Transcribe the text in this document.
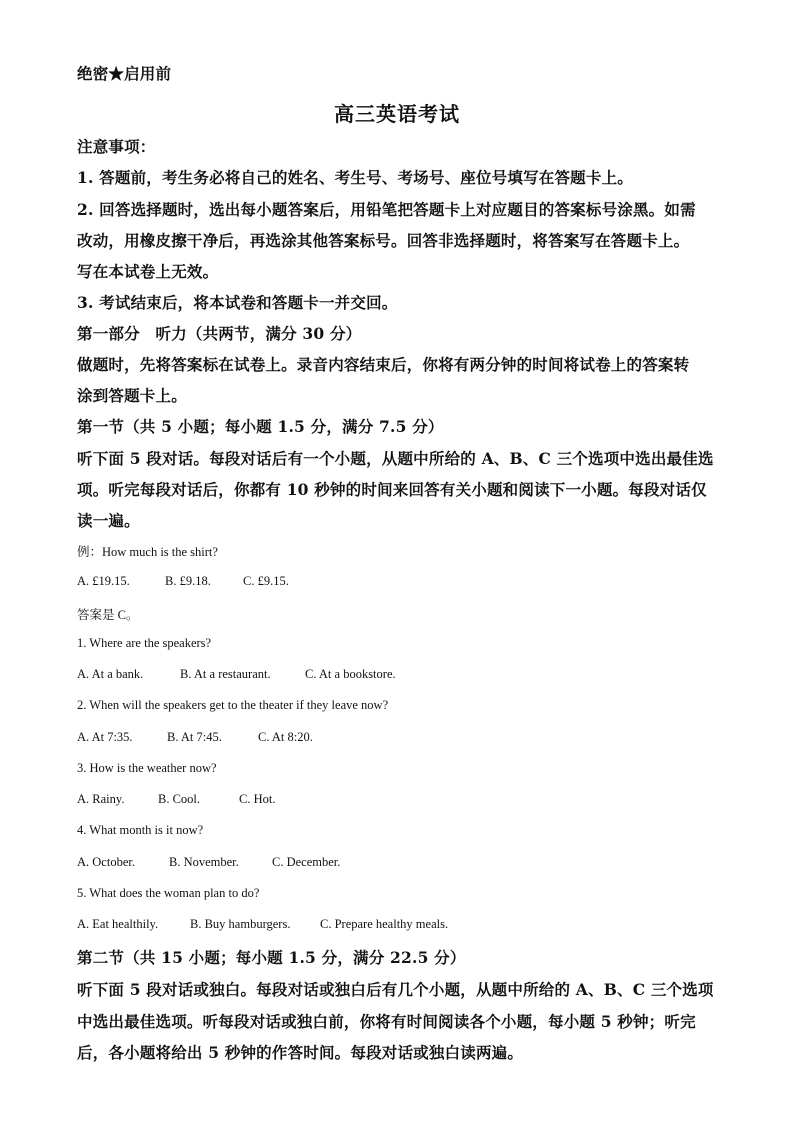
绝密★启用前
高三英语考试
注意事项：
1. 答题前，考生务必将自己的姓名、考生号、考场号、座位号填写在答题卡上。
2. 回答选择题时，选出每小题答案后，用铅笔把答题卡上对应题目的答案标号涂黑。如需
改动，用橡皮擦干净后，再选涂其他答案标号。回答非选择题时，将答案写在答题卡上。
写在本试卷上无效。
3. 考试结束后，将本试卷和答题卡一并交回。
第一部分　听力（共两节，满分 30 分）
做题时，先将答案标在试卷上。录音内容结束后，你将有两分钟的时间将试卷上的答案转
涂到答题卡上。
第一节（共 5 小题；每小题 1.5 分，满分 7.5 分）
听下面 5 段对话。每段对话后有一个小题，从题中所给的 A、B、C 三个选项中选出最佳选
项。听完每段对话后，你都有 10 秒钟的时间来回答有关小题和阅读下一小题。每段对话仅
读一遍。
例：How much is the shirt?
A. £19.15.	B. £9.18.	C. £9.15.
答案是 C。
1. Where are the speakers?
A. At a bank.	B. At a restaurant.	C. At a bookstore.
2. When will the speakers get to the theater if they leave now?
A. At 7:35.	B. At 7:45.	C. At 8:20.
3. How is the weather now?
A. Rainy.	B. Cool.	C. Hot.
4. What month is it now?
A. October.	B. November.	C. December.
5. What does the woman plan to do?
A. Eat healthily.	B. Buy hamburgers. C. Prepare healthy meals.
第二节（共 15 小题；每小题 1.5 分，满分 22.5 分）
听下面 5 段对话或独白。每段对话或独白后有几个小题，从题中所给的 A、B、C 三个选项
中选出最佳选项。听每段对话或独白前，你将有时间阅读各个小题，每小题 5 秒钟；听完
后，各小题将给出 5 秒钟的作答时间。每段对话或独白读两遍。
